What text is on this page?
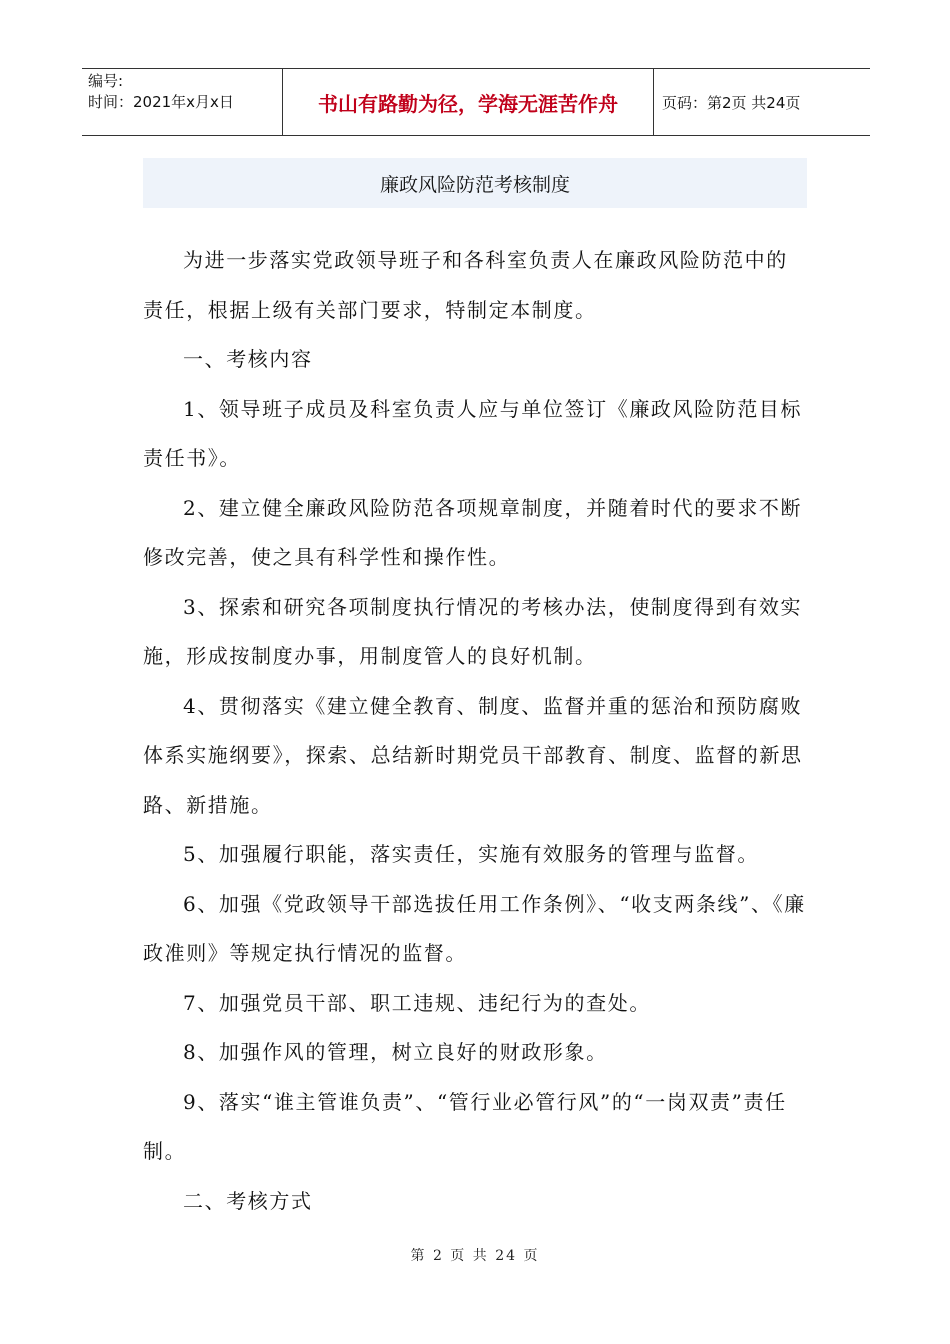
编号:
时间：2021年x月x日	书山有路勤为径，学海无涯苦作舟	页码：第2页 共24页
廉政风险防范考核制度

为进一步落实党政领导班子和各科室负责人在廉政风险防范中的责任，根据上级有关部门要求，特制定本制度。

一、考核内容

1、领导班子成员及科室负责人应与单位签订《廉政风险防范目标责任书》。

2、建立健全廉政风险防范各项规章制度，并随着时代的要求不断修改完善，使之具有科学性和操作性。

3、探索和研究各项制度执行情况的考核办法，使制度得到有效实施，形成按制度办事，用制度管人的良好机制。

4、贯彻落实《建立健全教育、制度、监督并重的惩治和预防腐败体系实施纲要》，探索、总结新时期党员干部教育、制度、监督的新思路、新措施。

5、加强履行职能，落实责任，实施有效服务的管理与监督。

6、加强《党政领导干部选拔任用工作条例》、“收支两条线”、《廉政准则》等规定执行情况的监督。

7、加强党员干部、职工违规、违纪行为的查处。

8、加强作风的管理，树立良好的财政形象。

9、落实“谁主管谁负责”、“管行业必管行风”的“一岗双责”责任制。

二、考核方式

第 2 页 共 24 页
